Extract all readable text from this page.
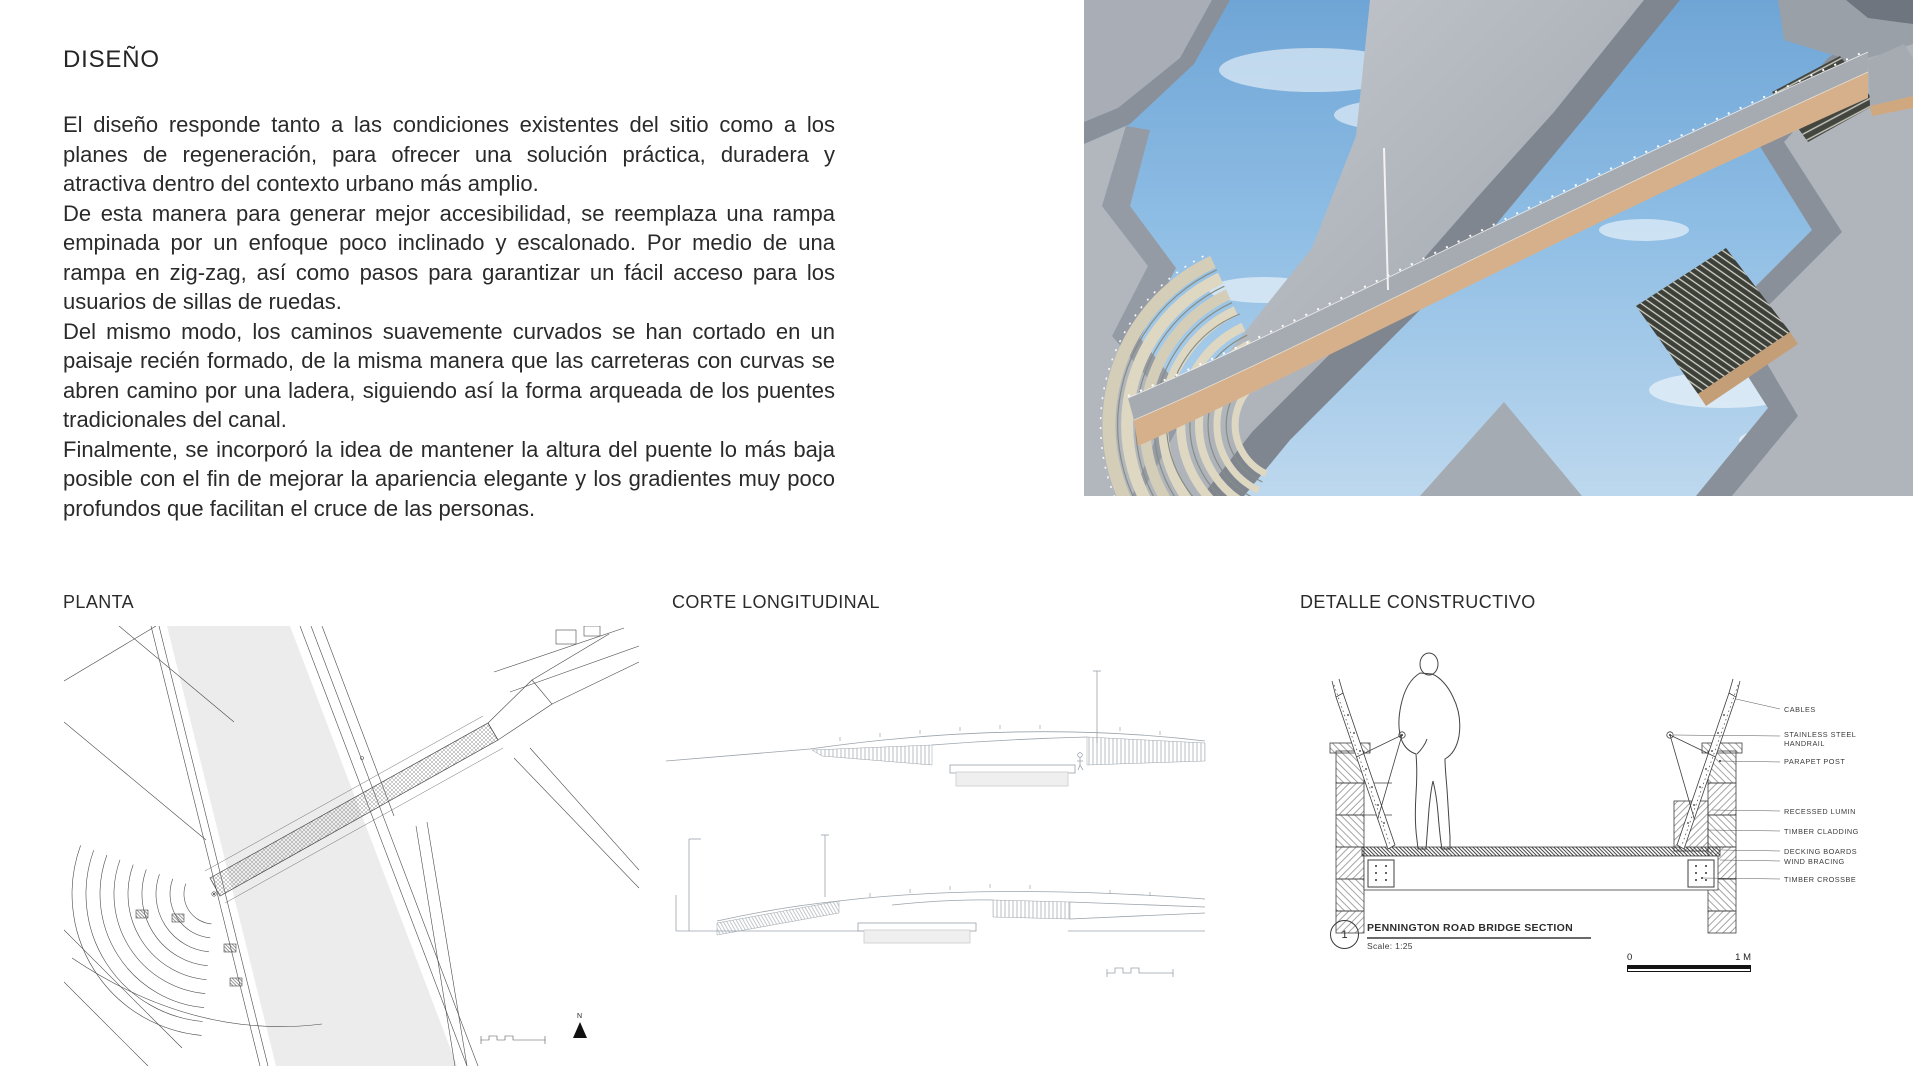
DISEÑO

El diseño responde tanto a las condiciones existentes del sitio como a los planes de regeneración, para ofrecer una solución práctica, duradera y atractiva dentro del contexto urbano más amplio.

De esta manera para generar mejor accesibilidad, se reemplaza una rampa empinada por un enfoque poco inclinado y escalonado. Por medio de una rampa en zig-zag, así como pasos para garantizar un fácil acceso para los usuarios de sillas de ruedas.

Del mismo modo, los caminos suavemente curvados se han cortado en un paisaje recién formado, de la misma manera que las carreteras con curvas se abren camino por una ladera, siguiendo así la forma arqueada de los puentes tradicionales del canal.

Finalmente, se incorporó la idea de mantener la altura del puente lo más baja posible con el fin de mejorar la apariencia elegante y los gradientes muy poco profundos que facilitan el cruce de las personas.

PLANTA	CORTE LONGITUDINAL	DETALLE CONSTRUCTIVO
N
CABLES
STAINLESS STEEL
HANDRAIL
PARAPET POST
RECESSED LUMIN
TIMBER CLADDING
DECKING BOARDS
WIND BRACING
TIMBER CROSSBE
1
PENNINGTON ROAD BRIDGE SECTION
Scale: 1:25
0	1 M
